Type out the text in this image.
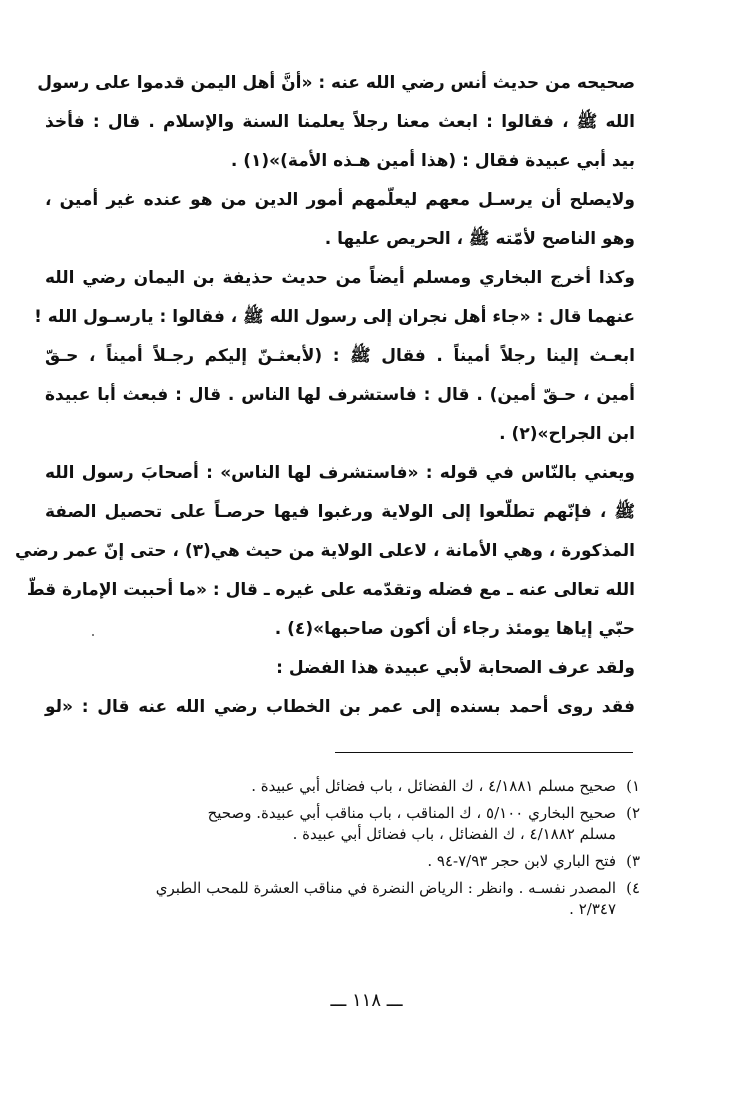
صحيحه من حديث أنس رضي الله عنه : «أنَّ أهل اليمن قدموا على رسول
الله ﷺ ، فقالوا : ابعث معنا رجلاً يعلمنا السنة والإسلام . قال : فأخذ
بيد أبي عبيدة فقال : (هذا أمين هـذه الأمة)»(١) .
ولايصلح أن يرسـل معهم ليعلّمهم أمور الدين من هو عنده غير أمين ،
وهو الناصح لأمّته ﷺ ، الحريص عليها .
وكذا أخرج البخاري ومسلم أيضاً من حديث حذيفة بن اليمان رضي الله
عنهما قال : «جاء أهل نجران إلى رسول الله ﷺ ، فقالوا : يارسـول الله !
ابعـث إلينا رجلاً أميناً . فقال ﷺ : (لأبعثـنّ إليكم رجـلاً أميناً ، حـقّ
أمين ، حـقّ أمين) . قال : فاستشرف لها الناس . قال : فبعث أبا عبيدة
ابن الجراح»(٢) .
ويعني بالنّاس في قوله : «فاستشرف لها الناس» : أصحابَ رسول الله
ﷺ ، فإنّهم تطلّعوا إلى الولاية ورغبوا فيها حرصـاً على تحصيل الصفة
المذكورة ، وهي الأمانة ، لاعلى الولاية من حيث هي(٣) ، حتى إنّ عمر رضي
الله تعالى عنه ـ مع فضله وتقدّمه على غيره ـ قال : «ما أحببت الإمارة قطّ
حبّي إياها يومئذ رجاء أن أكون صاحبها»(٤) .
ولقد عرف الصحابة لأبي عبيدة هذا الفضل :
فقد روى أحمد بسنده إلى عمر بن الخطاب رضي الله عنه قال : «لو
١)
صحيح مسلم ٤/١٨٨١ ، ك الفضائل ، باب فضائل أبي عبيدة .
٢)
صحيح البخاري ٥/١٠٠ ، ك المناقب ، باب مناقب أبي عبيدة. وصحيح
مسلم ٤/١٨٨٢ ، ك الفضائل ، باب فضائل أبي عبيدة .
٣)
فتح الباري لابن حجر ٧/٩٣-٩٤ .
٤)
المصدر نفسـه . وانظر : الرياض النضرة في مناقب العشرة للمحب الطبري
٢/٣٤٧ .
ـــ ١١٨ ـــ
